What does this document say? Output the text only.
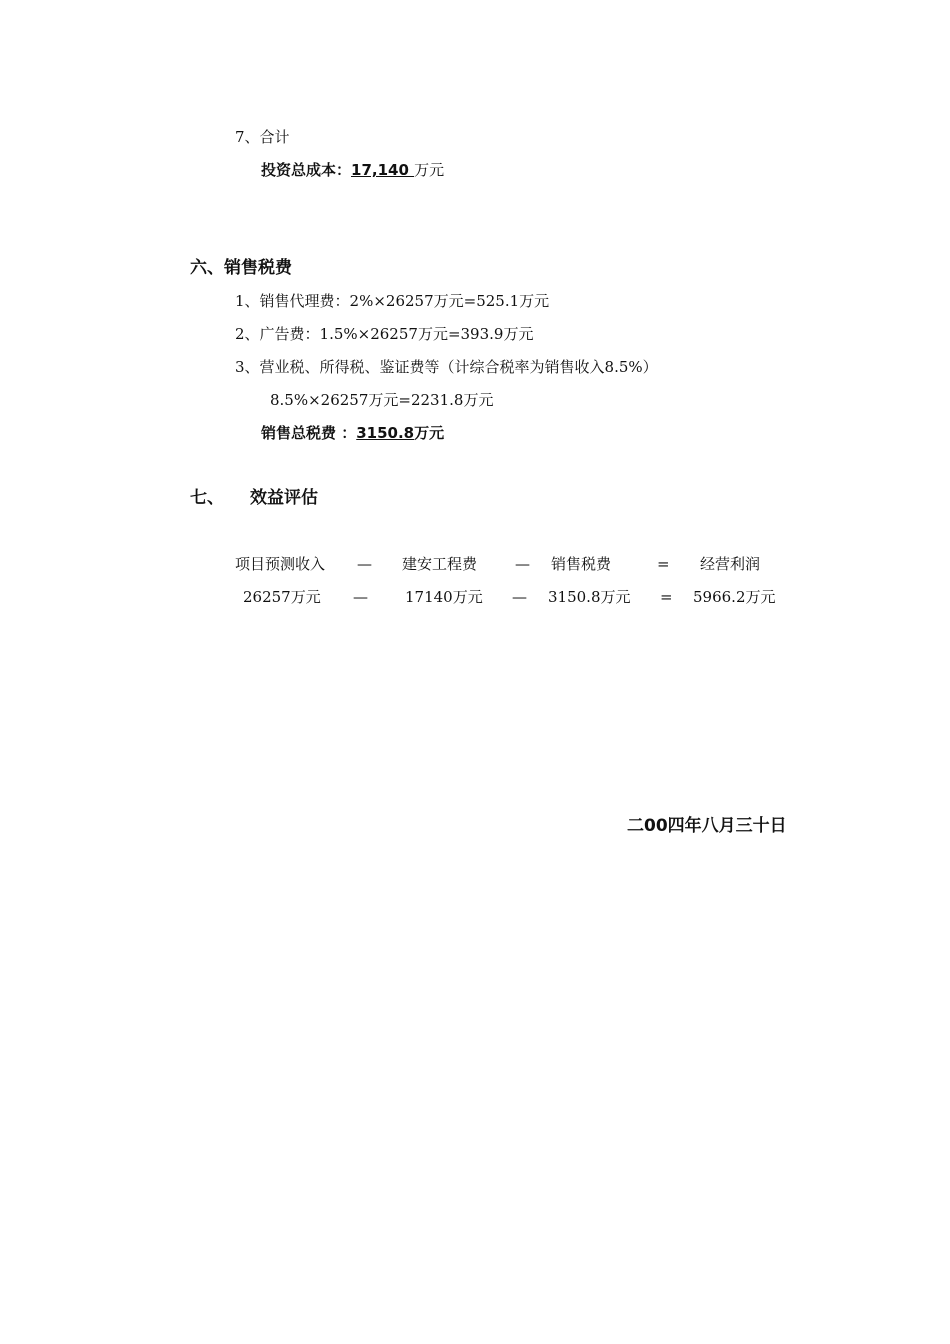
7、合计
投资总成本：17,140 万元
六、销售税费
1、销售代理费：2%×26257万元=525.1万元
2、广告费：1.5%×26257万元=393.9万元
3、营业税、所得税、鉴证费等（计综合税率为销售收入8.5%）
8.5%×26257万元=2231.8万元
销售总税费 ：3150.8万元
七、 效益评估
项目预测收入 — 建安工程费	— 销售税费	= 经营利润
26257万元 — 17140万元 — 3150.8万元 = 5966.2万元
二00四年八月三十日
